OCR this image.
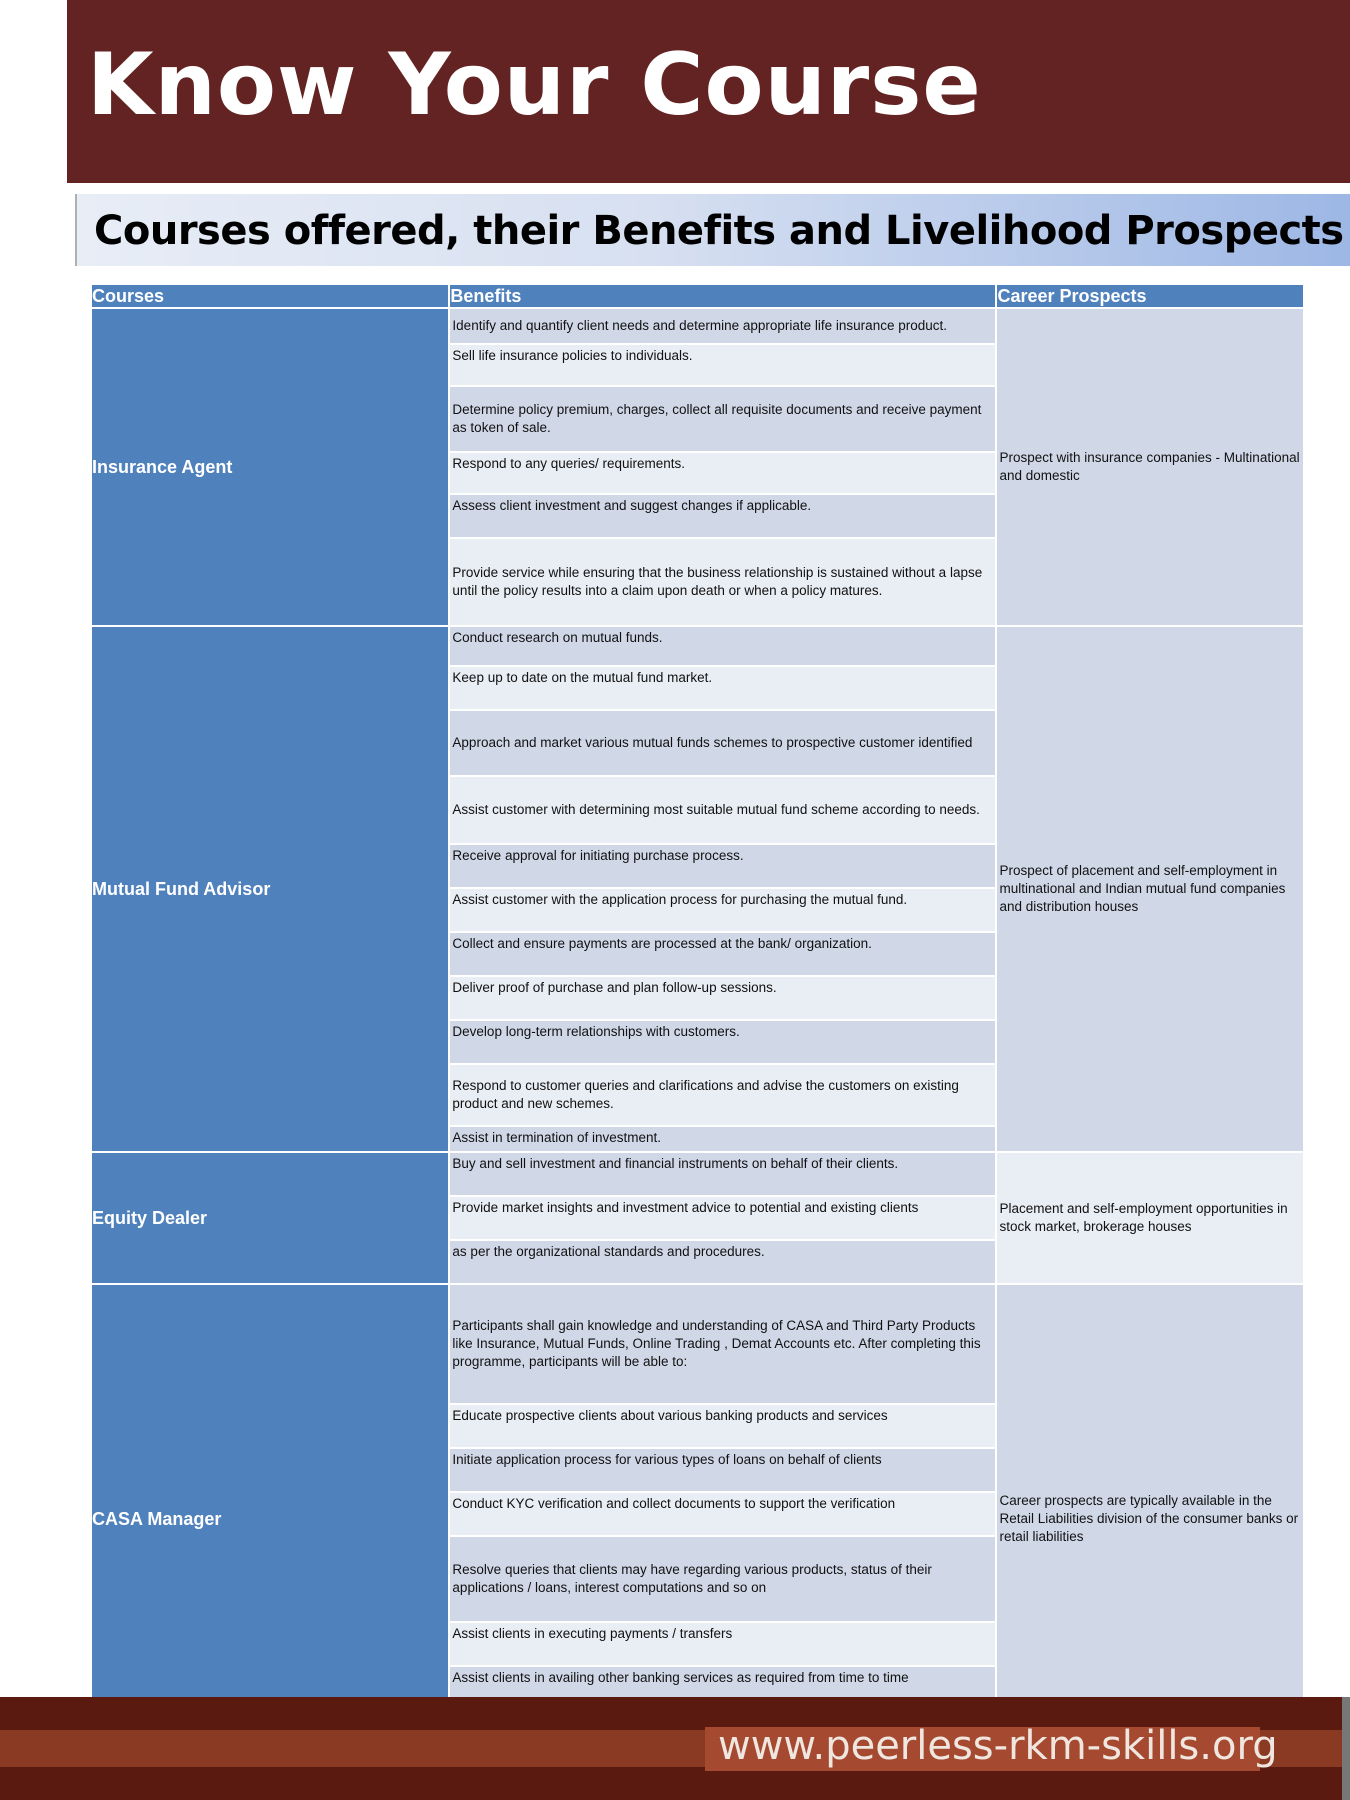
Know Your Course
Courses offered, their Benefits and Livelihood Prospects
Courses	Benefits	Career Prospects
Insurance Agent	Identify and quantify client needs and determine appropriate life insurance product.	Prospect with insurance companies - Multinational and domestic
	Sell life insurance policies to individuals.	
	Determine policy premium, charges, collect all requisite documents and receive payment as token of sale.	
	Respond to any queries/ requirements.	
	Assess client investment and suggest changes if applicable.	
	Provide service while ensuring that the business relationship is sustained without a lapse until the policy results into a claim upon death or when a policy matures.	
Mutual Fund Advisor	Conduct research on mutual funds.	Prospect of placement and self-employment in multinational and Indian mutual fund companies and distribution houses
	Keep up to date on the mutual fund market.	
	Approach and market various mutual funds schemes to prospective customer identified	
	Assist customer with determining most suitable mutual fund scheme according to needs.	
	Receive approval for initiating purchase process.	
	Assist customer with the application process for purchasing the mutual fund.	
	Collect and ensure payments are processed at the bank/ organization.	
	Deliver proof of purchase and plan follow-up sessions.	
	Develop long-term relationships with customers.	
	Respond to customer queries and clarifications and advise the customers on existing product and new schemes.	
	Assist in termination of investment.	
Equity Dealer	Buy and sell investment and financial instruments on behalf of their clients.	Placement and self-employment opportunities in stock market, brokerage houses
	Provide market insights and investment advice to potential and existing clients	
	as per the organizational standards and procedures.	
CASA Manager	Participants shall gain knowledge and understanding of CASA and Third Party Products like Insurance, Mutual Funds, Online Trading , Demat Accounts etc. After completing this programme, participants will be able to:	Career prospects are typically available in the Retail Liabilities division of the consumer banks or retail liabilities
	Educate prospective clients about various banking products and services	
	Initiate application process for various types of loans on behalf of clients	
	Conduct KYC verification and collect documents to support the verification	
	Resolve queries that clients may have regarding various products, status of their applications / loans, interest computations and so on	
	Assist clients in executing payments / transfers	
	Assist clients in availing other banking services as required from time to time	

www.peerless-rkm-skills.org
